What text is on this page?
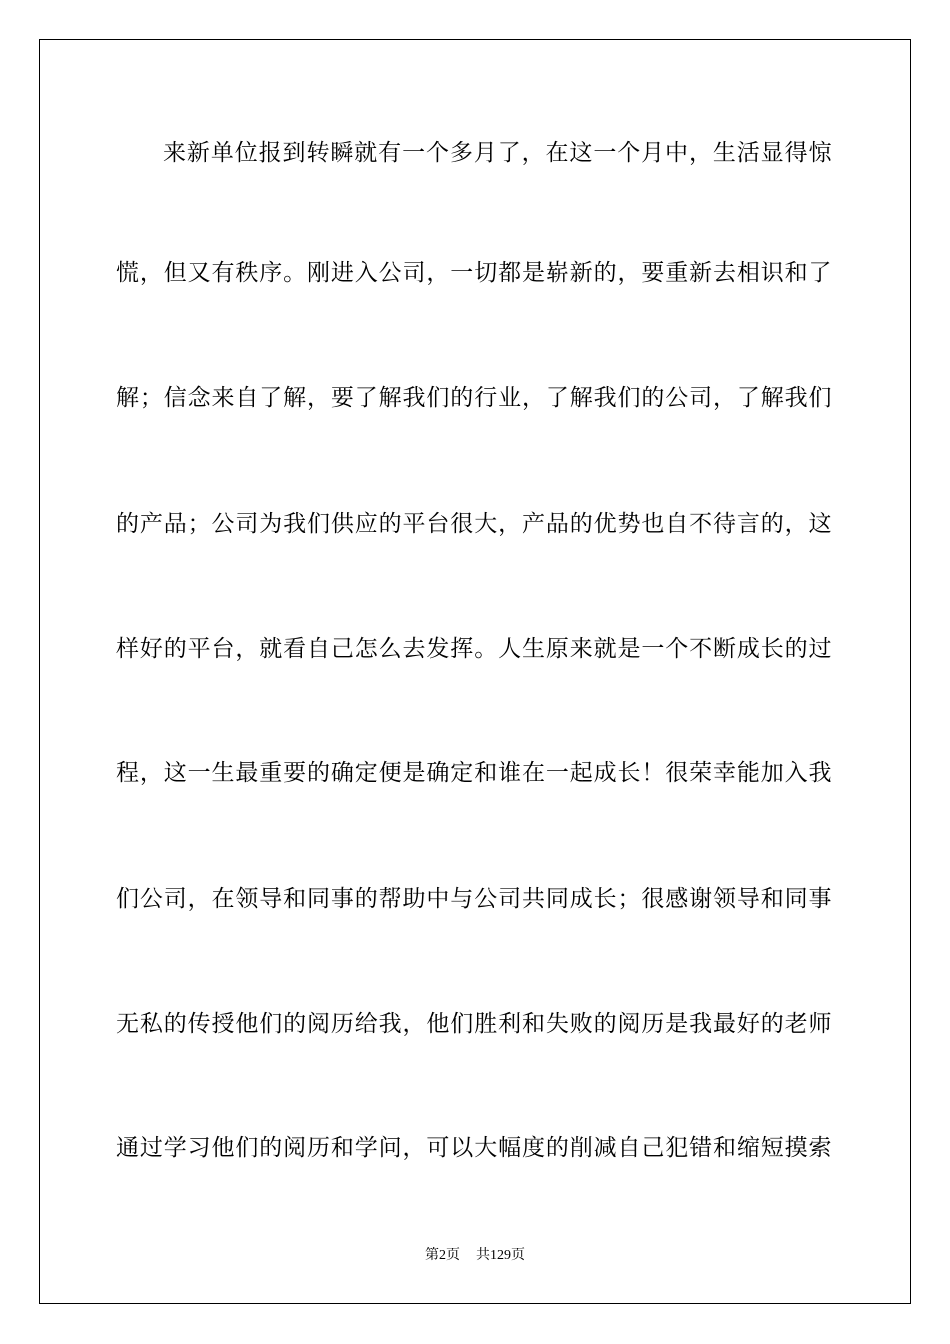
来新单位报到转瞬就有一个多月了，在这一个月中，生活显得惊
慌，但又有秩序。刚进入公司，一切都是崭新的，要重新去相识和了
解；信念来自了解，要了解我们的行业，了解我们的公司，了解我们
的产品；公司为我们供应的平台很大，产品的优势也自不待言的，这
样好的平台，就看自己怎么去发挥。人生原来就是一个不断成长的过
程，这一生最重要的确定便是确定和谁在一起成长！很荣幸能加入我
们公司，在领导和同事的帮助中与公司共同成长；很感谢领导和同事
无私的传授他们的阅历给我，他们胜利和失败的阅历是我最好的老师
通过学习他们的阅历和学问，可以大幅度的削减自己犯错和缩短摸索
第2页 共129页
